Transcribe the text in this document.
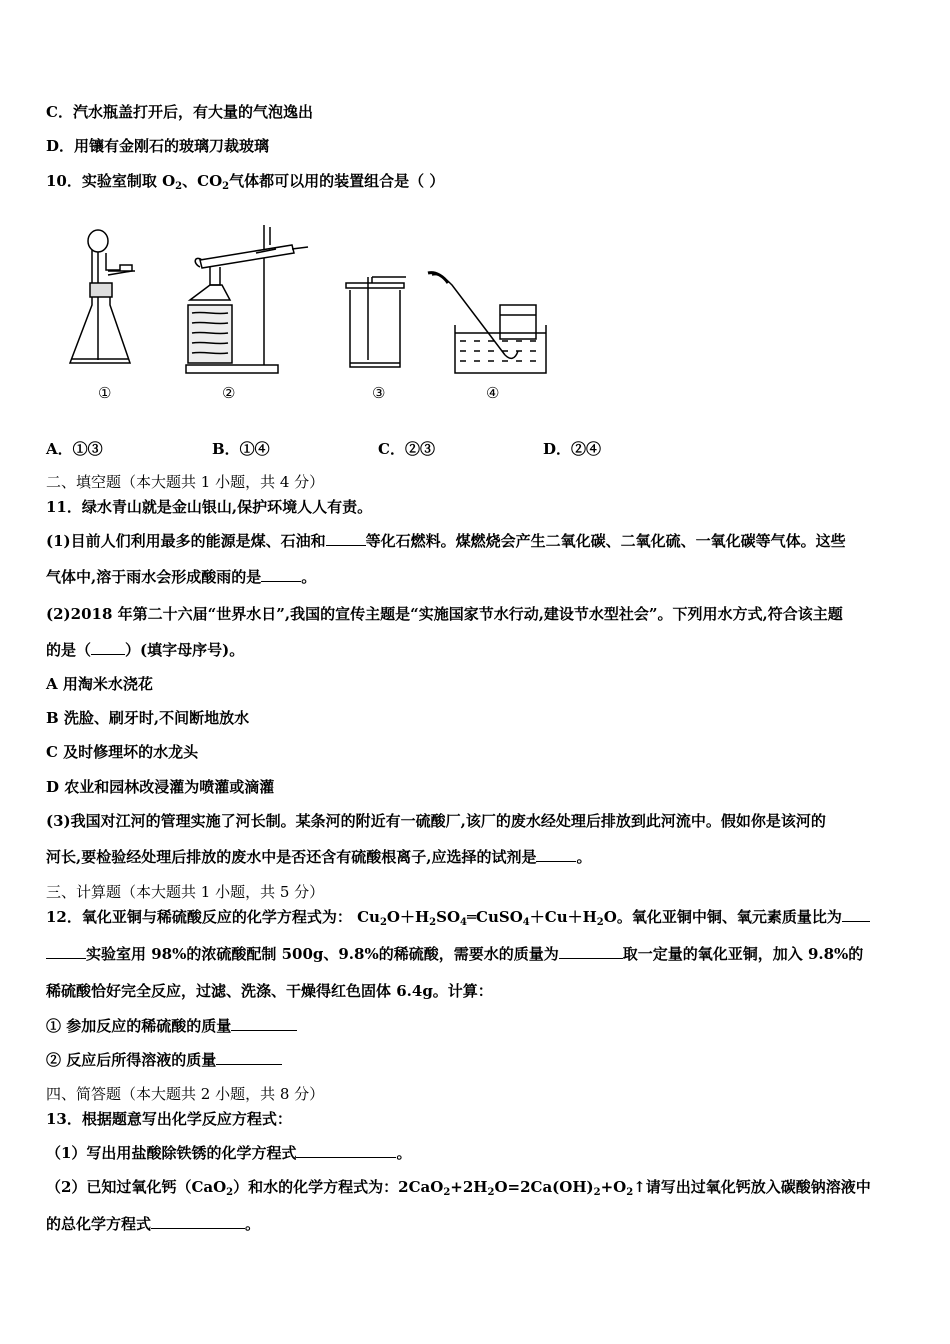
C．汽水瓶盖打开后，有大量的气泡逸出
D．用镶有金刚石的玻璃刀裁玻璃
10．实验室制取 $O_2$、$CO_2$气体都可以用的装置组合是（ ）
①	②	③	④
A．①③	B．①④	C．②③	D．②④
二、填空题（本大题共 1 小题，共 4 分）
11．绿水青山就是金山银山,保护环境人人有责。
(1)目前人们利用最多的能源是煤、石油和	等化石燃料。煤燃烧会产生二氧化碳、二氧化硫、一氧化碳等气体。这些
气体中,溶于雨水会形成酸雨的是	。
(2)2018 年第二十六届“世界水日”,我国的宣传主题是“实施国家节水行动,建设节水型社会”。下列用水方式,符合该主题
的是（ ）(填字母序号)。
A 用淘米水浇花
B 洗脸、刷牙时,不间断地放水
C 及时修理坏的水龙头
D 农业和园林改浸灌为喷灌或滴灌
(3)我国对江河的管理实施了河长制。某条河的附近有一硫酸厂,该厂的废水经处理后排放到此河流中。假如你是该河的
河长,要检验经处理后排放的废水中是否还含有硫酸根离子,应选择的试剂是	。
三、计算题（本大题共 1 小题，共 5 分）
12．氧化亚铜与稀硫酸反应的化学方程式为： $Cu_2O+H_2SO_4═CuSO_4+Cu+H_2O$。氧化亚铜中铜、氧元素质量比为
实验室用 98%的浓硫酸配制 500g、9.8%的稀硫酸，需要水的质量为	取一定量的氧化亚铜，加入 9.8%的
稀硫酸恰好完全反应，过滤、洗涤、干燥得红色固体 6.4g。计算：
① 参加反应的稀硫酸的质量
② 反应后所得溶液的质量
四、简答题（本大题共 2 小题，共 8 分）
13．根据题意写出化学反应方程式：
（1）写出用盐酸除铁锈的化学方程式	。
（2）已知过氧化钙（CaO$_2$）和水的化学方程式为：$2CaO_2+2H_2O=2Ca(OH)_2+O_2↑$请写出过氧化钙放入碳酸钠溶液中
的总化学方程式	。
